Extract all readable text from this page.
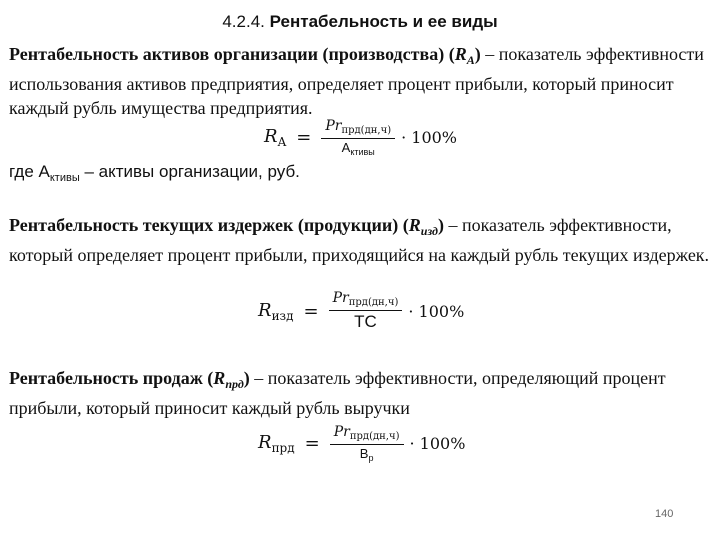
4.2.4. Рентабельность и ее виды
Рентабельность активов организации (производства) $(R_A)$ – показатель эффективности использования активов предприятия, определяет процент прибыли, который приносит каждый рубль имущества предприятия.
$R_A = \frac{Pr_{прд(дн,ч)}}{А_{ктивы}} \cdot 100\%$
где $А_{ктивы}$ – активы организации, руб.
Рентабельность текущих издержек (продукции) $(R_{изд})$ – показатель эффективности, который определяет процент прибыли, приходящийся на каждый рубль текущих издержек.
$R_{изд} = \frac{Pr_{прд(дн,ч)}}{ТС} \cdot 100\%$
Рентабельность продаж $(R_{прд})$ – показатель эффективности, определяющий процент прибыли, который приносит каждый рубль выручки
$R_{прд} = \frac{Pr_{прд(дн,ч)}}{В_р} \cdot 100\%$
140
